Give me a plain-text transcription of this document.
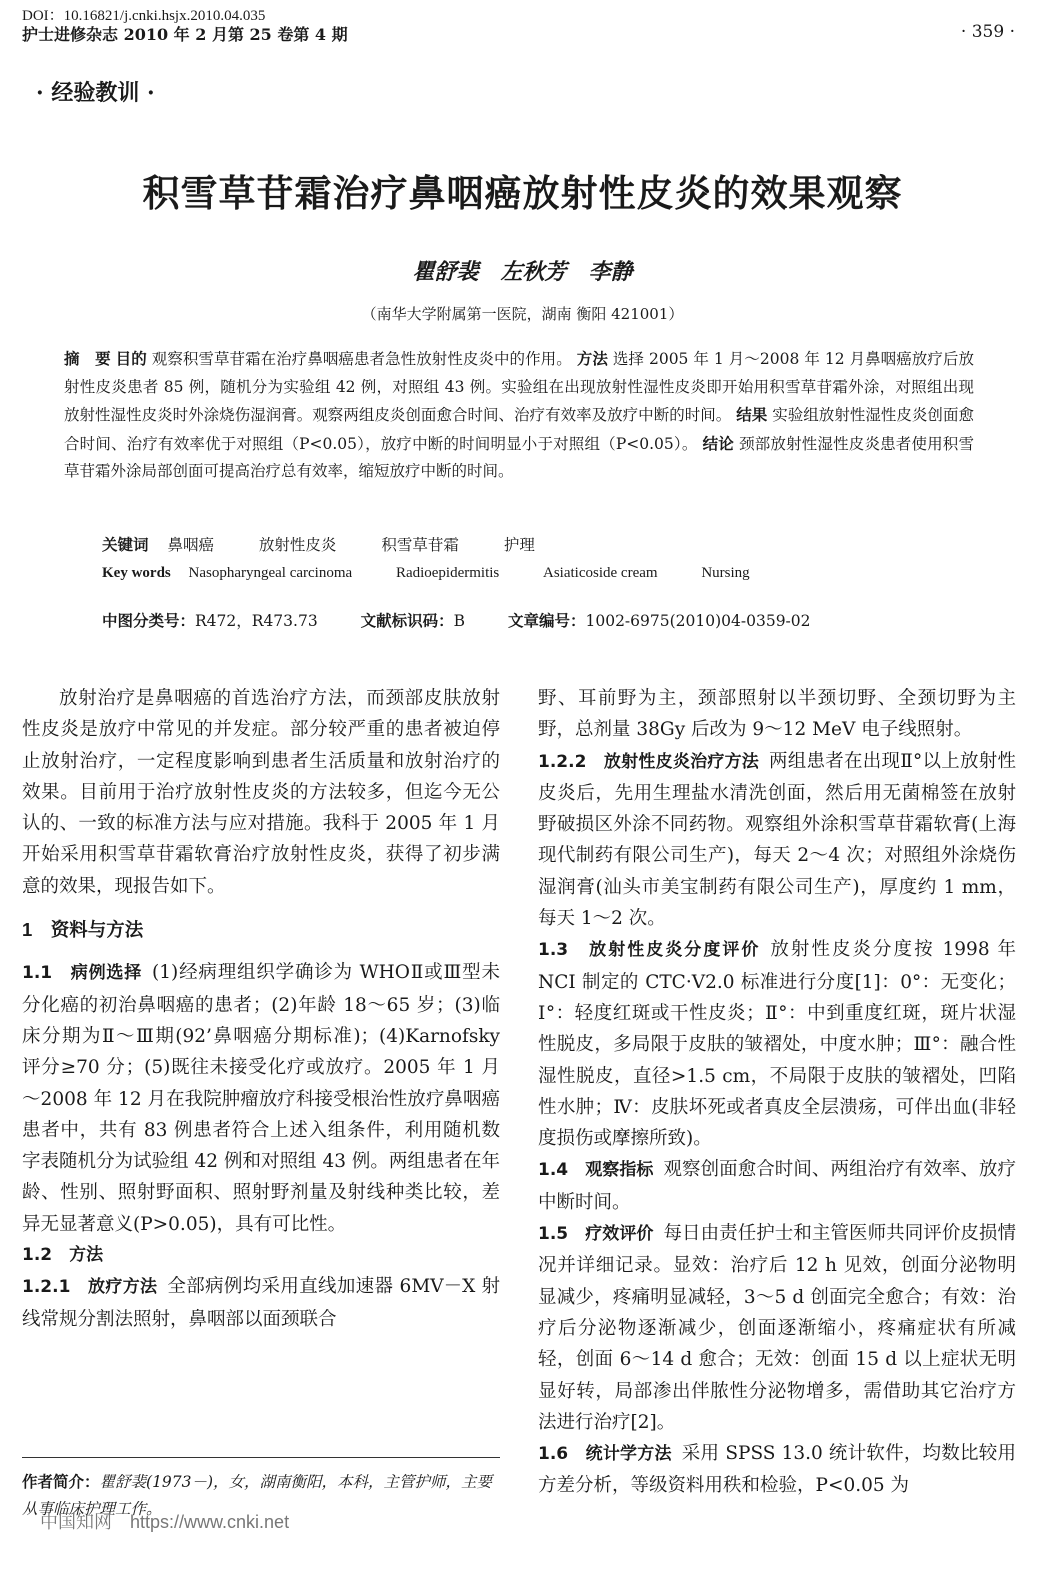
DOI：10.16821/j.cnki.hsjx.2010.04.035
护士进修杂志 2010 年 2 月第 25 卷第 4 期	· 359 ·
· 经验教训 ·
积雪草苷霜治疗鼻咽癌放射性皮炎的效果观察
瞿舒裴　左秋芳　李静
（南华大学附属第一医院，湖南 衡阳 421001）
摘　要 目的 观察积雪草苷霜在治疗鼻咽癌患者急性放射性皮炎中的作用。 方法 选择 2005 年 1 月～2008 年 12 月鼻咽癌放疗后放射性皮炎患者 85 例，随机分为实验组 42 例，对照组 43 例。实验组在出现放射性湿性皮炎即开始用积雪草苷霜外涂，对照组出现放射性湿性皮炎时外涂烧伤湿润膏。观察两组皮炎创面愈合时间、治疗有效率及放疗中断的时间。 结果 实验组放射性湿性皮炎创面愈合时间、治疗有效率优于对照组（P<0.05），放疗中断的时间明显小于对照组（P<0.05）。 结论 颈部放射性湿性皮炎患者使用积雪草苷霜外涂局部创面可提高治疗总有效率，缩短放疗中断的时间。
关键词 鼻咽癌	放射性皮炎	积雪草苷霜	护理
Key words Nasopharyngeal carcinoma	Radioepidermitis	Asiaticoside cream	Nursing
中图分类号：R472，R473.73	文献标识码：B	文章编号：1002-6975(2010)04-0359-02

放射治疗是鼻咽癌的首选治疗方法，而颈部皮肤放射性皮炎是放疗中常见的并发症。部分较严重的患者被迫停止放射治疗，一定程度影响到患者生活质量和放射治疗的效果。目前用于治疗放射性皮炎的方法较多，但迄今无公认的、一致的标准方法与应对措施。我科于 2005 年 1 月开始采用积雪草苷霜软膏治疗放射性皮炎，获得了初步满意的效果，现报告如下。

1　资料与方法

1.1　病例选择 (1)经病理组织学确诊为 WHOⅡ或Ⅲ型未分化癌的初治鼻咽癌的患者；(2)年龄 18～65 岁；(3)临床分期为Ⅱ～Ⅲ期(92’鼻咽癌分期标准)；(4)Karnofsky 评分≥70 分；(5)既往未接受化疗或放疗。2005 年 1 月～2008 年 12 月在我院肿瘤放疗科接受根治性放疗鼻咽癌患者中，共有 83 例患者符合上述入组条件，利用随机数字表随机分为试验组 42 例和对照组 43 例。两组患者在年龄、性别、照射野面积、照射野剂量及射线种类比较，差异无显著意义(P>0.05)，具有可比性。

1.2　方法

1.2.1　放疗方法 全部病例均采用直线加速器 6MV－X 射线常规分割法照射，鼻咽部以面颈联合

野、耳前野为主，颈部照射以半颈切野、全颈切野为主野，总剂量 38Gy 后改为 9～12 MeV 电子线照射。

1.2.2　放射性皮炎治疗方法 两组患者在出现Ⅱ°以上放射性皮炎后，先用生理盐水清洗创面，然后用无菌棉签在放射野破损区外涂不同药物。观察组外涂积雪草苷霜软膏(上海现代制药有限公司生产)，每天 2～4 次；对照组外涂烧伤湿润膏(汕头市美宝制药有限公司生产)，厚度约 1 mm，每天 1～2 次。

1.3　放射性皮炎分度评价 放射性皮炎分度按 1998 年 NCI 制定的 CTC·V2.0 标准进行分度[1]：0°：无变化；Ⅰ°：轻度红斑或干性皮炎；Ⅱ°：中到重度红斑，斑片状湿性脱皮，多局限于皮肤的皱褶处，中度水肿；Ⅲ°：融合性湿性脱皮，直径>1.5 cm，不局限于皮肤的皱褶处，凹陷性水肿；Ⅳ：皮肤坏死或者真皮全层溃疡，可伴出血(非轻度损伤或摩擦所致)。

1.4　观察指标 观察创面愈合时间、两组治疗有效率、放疗中断时间。

1.5　疗效评价 每日由责任护士和主管医师共同评价皮损情况并详细记录。显效：治疗后 12 h 见效，创面分泌物明显减少，疼痛明显减轻，3～5 d 创面完全愈合；有效：治疗后分泌物逐渐减少，创面逐渐缩小，疼痛症状有所减轻，创面 6～14 d 愈合；无效：创面 15 d 以上症状无明显好转，局部渗出伴脓性分泌物增多，需借助其它治疗方法进行治疗[2]。

1.6　统计学方法 采用 SPSS 13.0 统计软件，均数比较用方差分析，等级资料用秩和检验，P<0.05 为

作者简介：瞿舒裴(1973－)，女，湖南衡阳，本科，主管护师，主要从事临床护理工作。
中国知网　https://www.cnki.net
